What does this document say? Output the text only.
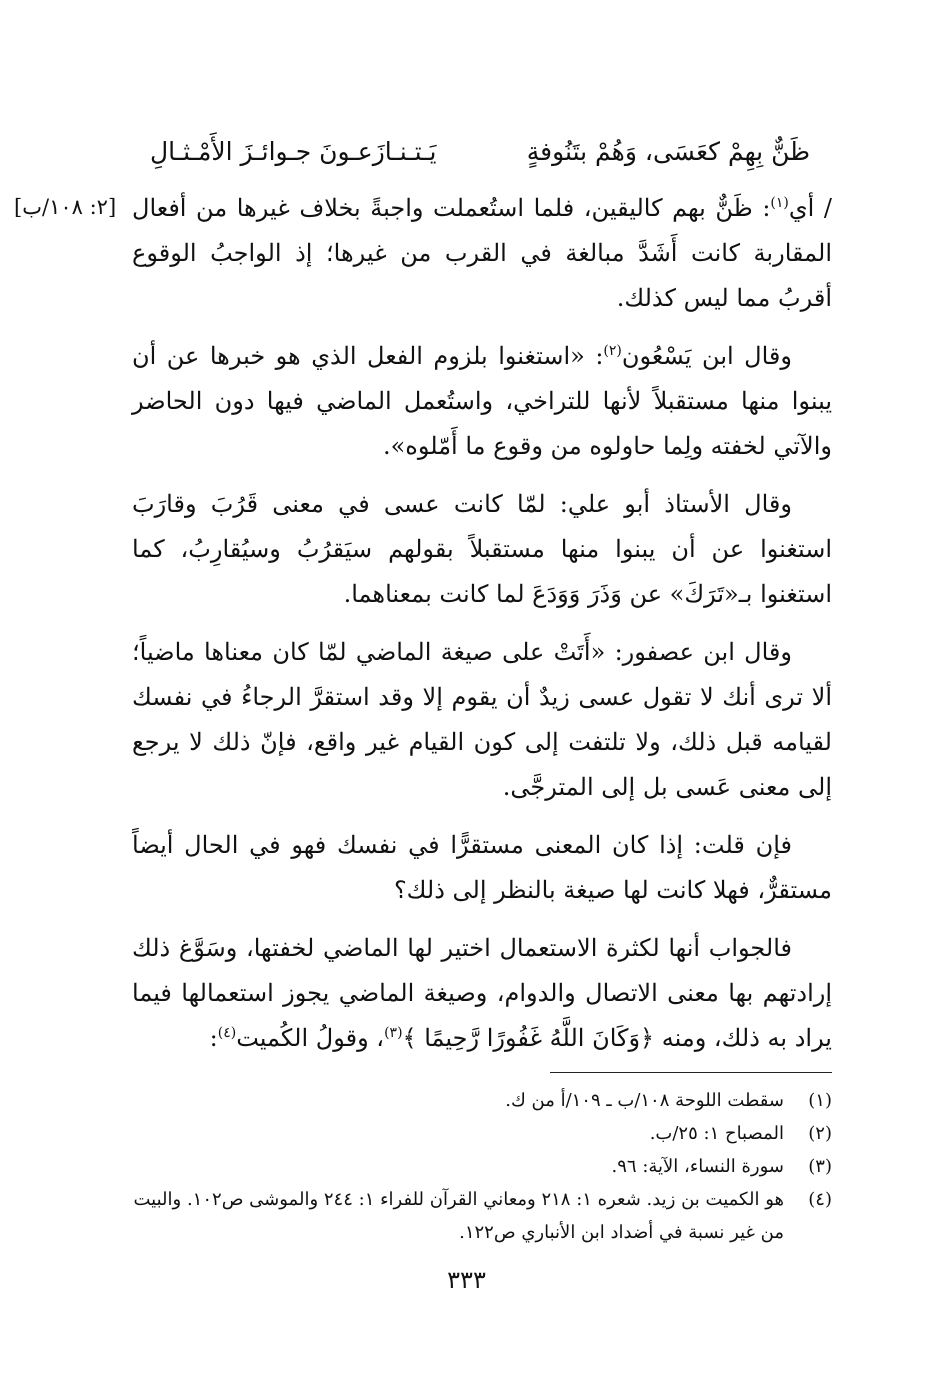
ظَنٌّ بِهِمْ كعَسَى، وَهُمْ بتَنُوفةٍ
يَـتـنـازَعـونَ جـوائـزَ الأَمْـثـالِ
[٢: ١٠٨/ب]	/ أي$^{(١)}$: ظَنٌّ بهم كاليقين، فلما استُعملت واجبةً بخلاف غيرها من أفعال المقاربة كانت أَشَدَّ مبالغة في القرب من غيرها؛ إذ الواجبُ الوقوع أقربُ مما ليس كذلك.

وقال ابن يَسْعُون$^{(٢)}$: «استغنوا بلزوم الفعل الذي هو خبرها عن أن يبنوا منها مستقبلاً لأنها للتراخي، واستُعمل الماضي فيها دون الحاضر والآتي لخفته ولِما حاولوه من وقوع ما أَمّلوه».

وقال الأستاذ أبو علي: لمّا كانت عسى في معنى قَرُبَ وقارَبَ استغنوا عن أن يبنوا منها مستقبلاً بقولهم سيَقرُبُ وسيُقارِبُ، كما استغنوا بـ«تَرَكَ» عن وَذَرَ وَوَدَعَ لما كانت بمعناهما.

وقال ابن عصفور: «أَتَتْ على صيغة الماضي لمّا كان معناها ماضياً؛ ألا ترى أنك لا تقول عسى زيدٌ أن يقوم إلا وقد استقرَّ الرجاءُ في نفسك لقيامه قبل ذلك، ولا تلتفت إلى كون القيام غير واقع، فإنّ ذلك لا يرجع إلى معنى عَسى بل إلى المترجَّى.

فإن قلت: إذا كان المعنى مستقرًّا في نفسك فهو في الحال أيضاً مستقرٌّ، فهلا كانت لها صيغة بالنظر إلى ذلك؟

فالجواب أنها لكثرة الاستعمال اختير لها الماضي لخفتها، وسَوَّغ ذلك إرادتهم بها معنى الاتصال والدوام، وصيغة الماضي يجوز استعمالها فيما يراد به ذلك، ومنه ﴿وَكَانَ اللَّهُ غَفُورًا رَّحِيمًا ﴾$^{(٣)}$، وقولُ الكُميت$^{(٤)}$:

(١)
سقطت اللوحة ١٠٨/ب ـ ١٠٩/أ من ك.
(٢)
المصباح ١: ٢٥/ب.
(٣)
سورة النساء، الآية: ٩٦.
(٤)
هو الكميت بن زيد. شعره ١: ٢١٨ ومعاني القرآن للفراء ١: ٢٤٤ والموشى ص١٠٢. والبيت من غير نسبة في أضداد ابن الأنباري ص١٢٢.
٣٣٣
